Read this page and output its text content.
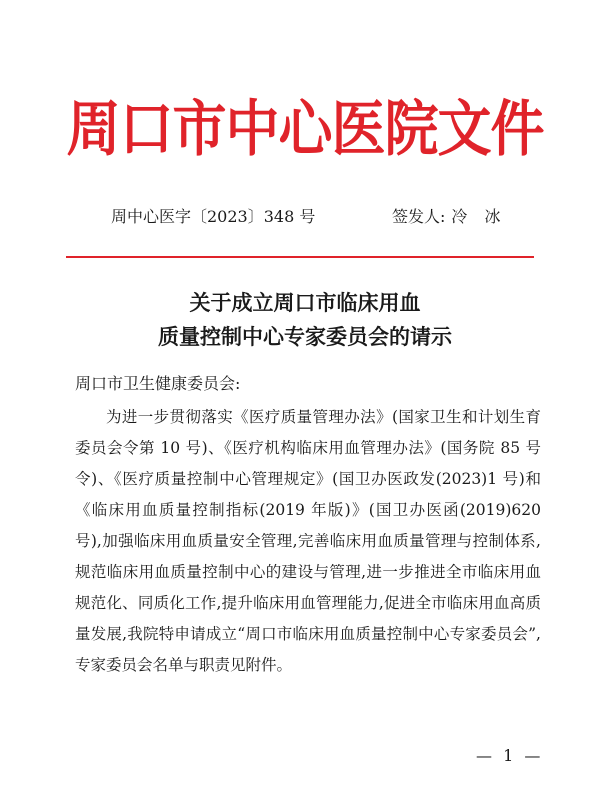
周口市中心医院文件
周中心医字〔2023〕348 号	签发人: 冷 冰
关于成立周口市临床用血
质量控制中心专家委员会的请示
周口市卫生健康委员会:
为进一步贯彻落实《医疗质量管理办法》(国家卫生和计划生育委员会令第 10 号)、《医疗机构临床用血管理办法》(国务院 85 号令)、《医疗质量控制中心管理规定》(国卫办医政发(2023)1 号)和《临床用血质量控制指标(2019 年版)》(国卫办医函(2019)620 号),加强临床用血质量安全管理,完善临床用血质量管理与控制体系,规范临床用血质量控制中心的建设与管理,进一步推进全市临床用血规范化、同质化工作,提升临床用血管理能力,促进全市临床用血高质量发展,我院特申请成立“周口市临床用血质量控制中心专家委员会”,专家委员会名单与职责见附件。
— 1 —
